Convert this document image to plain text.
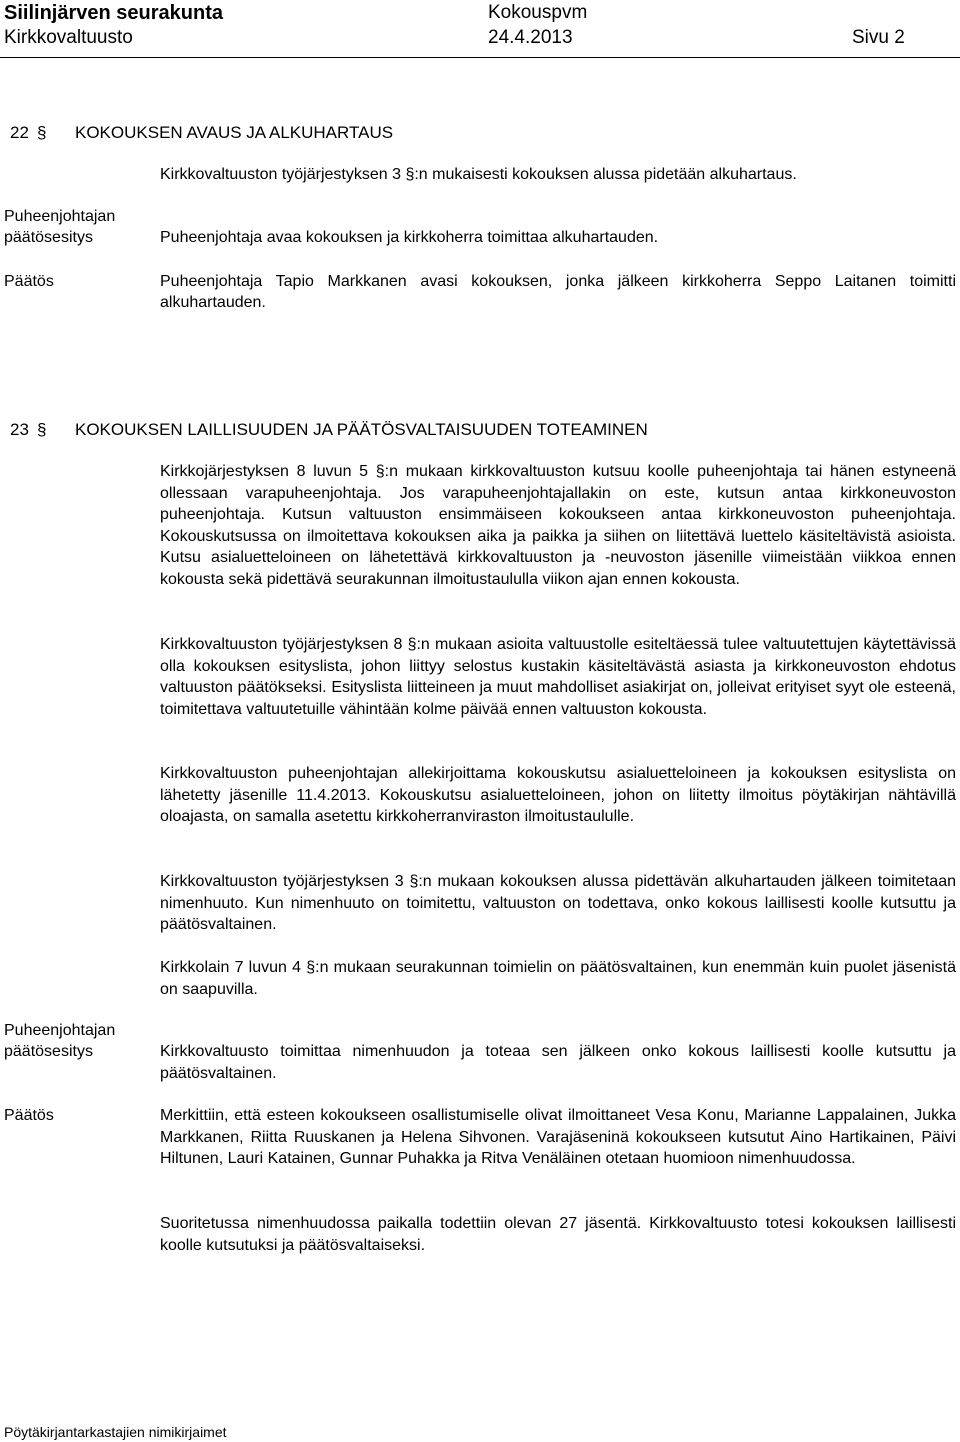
Siilinjärven seurakunta	Kokouspvm
Kirkkovaltuusto	24.4.2013	Sivu 2
22 § KOKOUKSEN AVAUS JA ALKUHARTAUS
Kirkkovaltuuston työjärjestyksen 3 §:n mukaisesti kokouksen alussa pidetään alkuhartaus.
Puheenjohtajan
päätösesitys	Puheenjohtaja avaa kokouksen ja kirkkoherra toimittaa alkuhartauden.
Päätös	Puheenjohtaja Tapio Markkanen avasi kokouksen, jonka jälkeen kirkkoherra Seppo Laitanen toimitti alkuhartauden.
23 § KOKOUKSEN LAILLISUUDEN JA PÄÄTÖSVALTAISUUDEN TOTEAMINEN
Kirkkojärjestyksen 8 luvun 5 §:n mukaan kirkkovaltuuston kutsuu koolle puheenjohtaja tai hänen estyneenä ollessaan varapuheenjohtaja. Jos varapuheenjohtajallakin on este, kutsun antaa kirkkoneuvoston puheenjohtaja. Kutsun valtuuston ensimmäiseen kokoukseen antaa kirkkoneuvoston puheenjohtaja. Kokouskutsussa on ilmoitettava kokouksen aika ja paikka ja siihen on liitettävä luettelo käsiteltävistä asioista. Kutsu asialuetteloineen on lähetettävä kirkkovaltuuston ja -neuvoston jäsenille viimeistään viikkoa ennen kokousta sekä pidettävä seurakunnan ilmoitustaululla viikon ajan ennen kokousta.
Kirkkovaltuuston työjärjestyksen 8 §:n mukaan asioita valtuustolle esiteltäessä tulee valtuutettujen käytettävissä olla kokouksen esityslista, johon liittyy selostus kustakin käsiteltävästä asiasta ja kirkkoneuvoston ehdotus valtuuston päätökseksi. Esityslista liitteineen ja muut mahdolliset asiakirjat on, jolleivat erityiset syyt ole esteenä, toimitettava valtuutetuille vähintään kolme päivää ennen valtuuston kokousta.
Kirkkovaltuuston puheenjohtajan allekirjoittama kokouskutsu asialuetteloineen ja kokouksen esityslista on lähetetty jäsenille 11.4.2013. Kokouskutsu asialuetteloineen, johon on liitetty ilmoitus pöytäkirjan nähtävillä oloajasta, on samalla asetettu kirkkoherranviraston ilmoitustaululle.
Kirkkovaltuuston työjärjestyksen 3 §:n mukaan kokouksen alussa pidettävän alkuhartauden jälkeen toimitetaan nimenhuuto. Kun nimenhuuto on toimitettu, valtuuston on todettava, onko kokous laillisesti koolle kutsuttu ja päätösvaltainen.
Kirkkolain 7 luvun 4 §:n mukaan seurakunnan toimielin on päätösvaltainen, kun enemmän kuin puolet jäsenistä on saapuvilla.
Puheenjohtajan
päätösesitys	Kirkkovaltuusto toimittaa nimenhuudon ja toteaa sen jälkeen onko kokous laillisesti koolle kutsuttu ja päätösvaltainen.
Päätös	Merkittiin, että esteen kokoukseen osallistumiselle olivat ilmoittaneet Vesa Konu, Marianne Lappalainen, Jukka Markkanen, Riitta Ruuskanen ja Helena Sihvonen. Varajäseninä kokoukseen kutsutut Aino Hartikainen, Päivi Hiltunen, Lauri Katainen, Gunnar Puhakka ja Ritva Venäläinen otetaan huomioon nimenhuudossa.
Suoritetussa nimenhuudossa paikalla todettiin olevan 27 jäsentä. Kirkkovaltuusto totesi kokouksen laillisesti koolle kutsutuksi ja päätösvaltaiseksi.
Pöytäkirjantarkastajien nimikirjaimet
